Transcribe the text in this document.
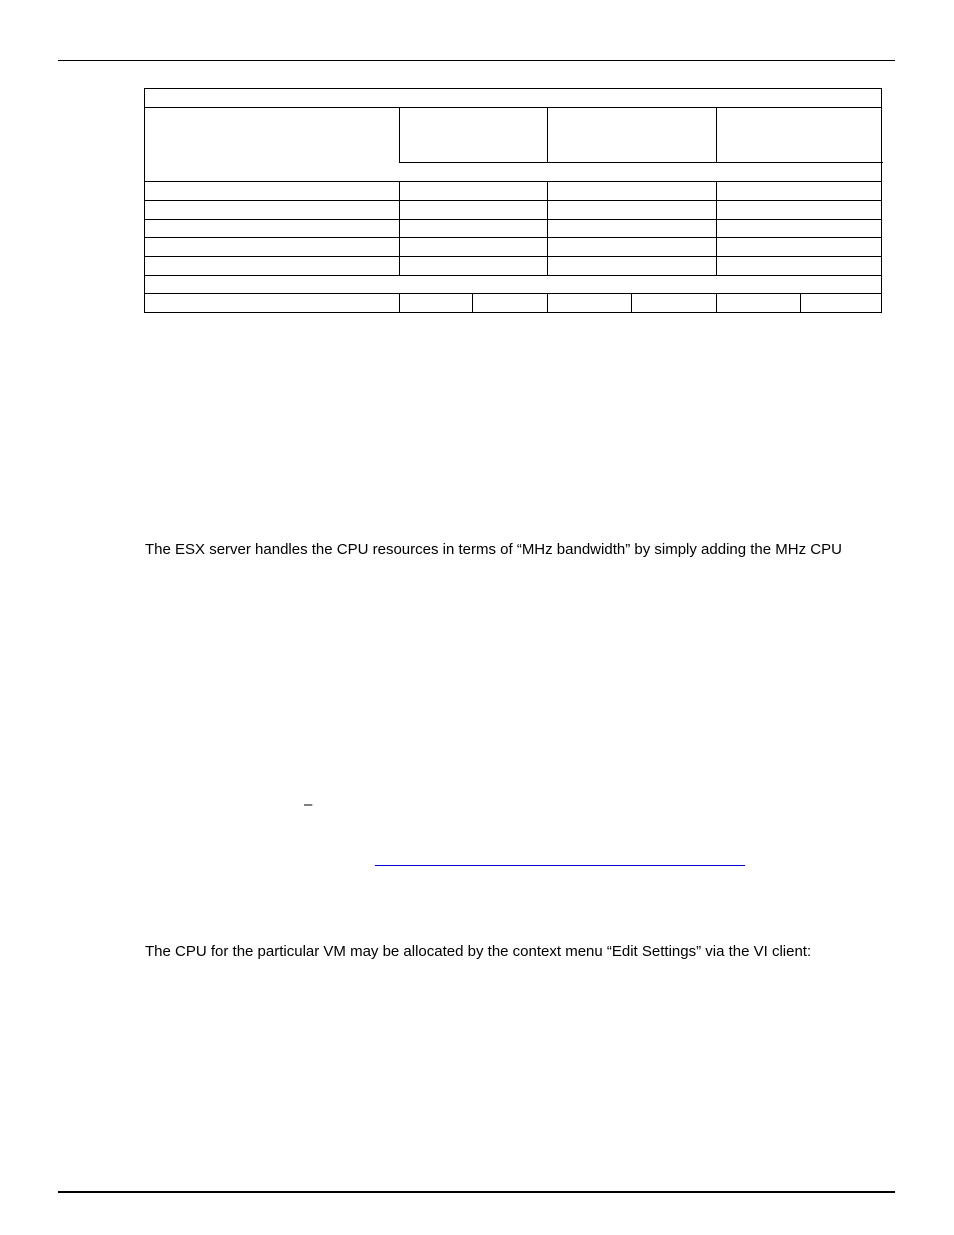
The ESX server handles the CPU resources in terms of “MHz bandwidth” by simply adding the MHz CPU

–

The CPU for the particular VM may be allocated by the context menu “Edit Settings” via the VI client:
